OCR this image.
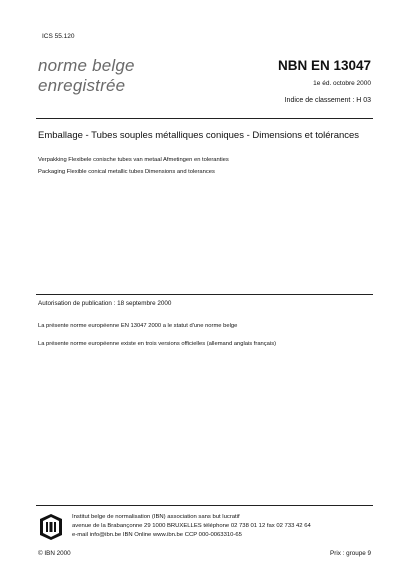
ICS 55.120
norme belge
enregistrée
NBN EN 13047
1e éd. octobre 2000
Indice de classement : H 03
Emballage - Tubes souples métalliques coniques - Dimensions et tolérances
Verpakking Flexibele conische tubes van metaal Afmetingen en toleranties
Packaging Flexible conical metallic tubes Dimensions and tolerances
Autorisation de publication : 18 septembre 2000
La présente norme européenne EN 13047 2000 a le statut d'une norme belge
La présente norme européenne existe en trois versions officielles (allemand anglais français)
Institut belge de normalisation (IBN) association sans but lucratif
avenue de la Brabançonne 29 1000 BRUXELLES téléphone 02 738 01 12 fax 02 733 42 64
e-mail info@ibn.be IBN Online www.ibn.be CCP 000-0063310-65
© IBN 2000	Prix : groupe 9
